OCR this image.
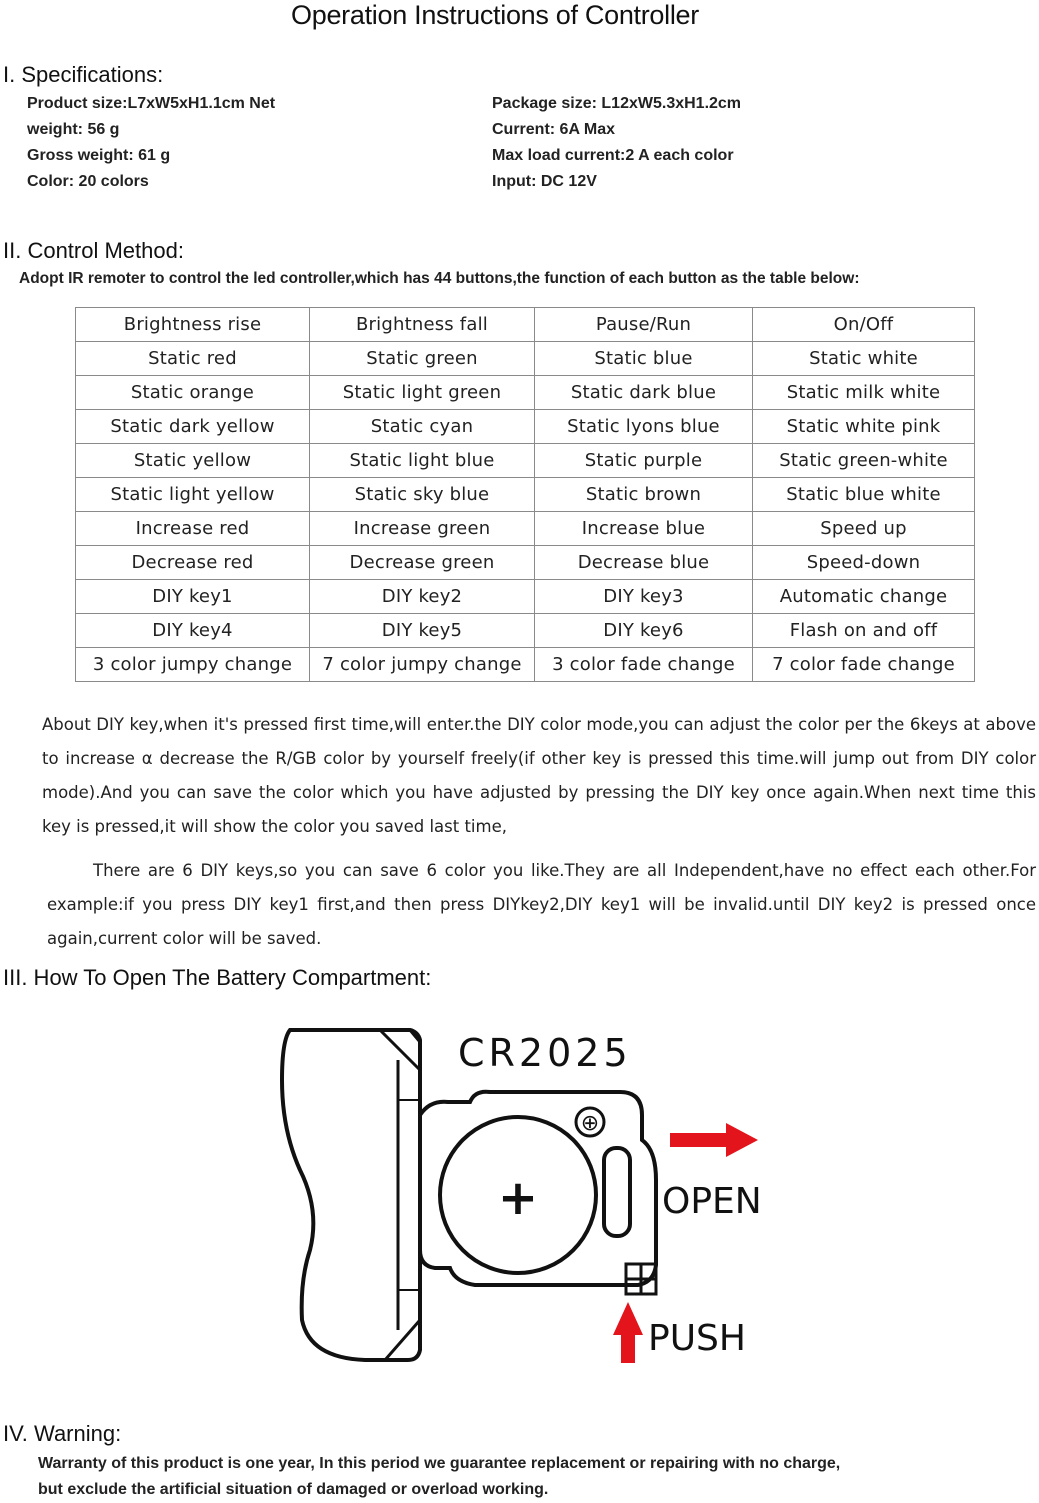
Operation Instructions of Controller
I. Specifications:
Product size:L7xW5xH1.1cm Net
weight: 56 g
Gross weight: 61 g
Color: 20 colors
Package size: L12xW5.3xH1.2cm
Current: 6A Max
Max load current:2 A each color
Input: DC 12V
II. Control Method:
Adopt IR remoter to control the led controller,which has 44 buttons,the function of each button as the table below:
Brightness rise	Brightness fall	Pause/Run	On/Off
Static red	Static green	Static blue	Static white
Static orange	Static light green	Static dark blue	Static milk white
Static dark yellow	Static cyan	Static lyons blue	Static white pink
Static yellow	Static light blue	Static purple	Static green-white
Static light yellow	Static sky blue	Static brown	Static blue white
Increase red	Increase green	Increase blue	Speed up
Decrease red	Decrease green	Decrease blue	Speed-down
DIY key1	DIY key2	DIY key3	Automatic change
DIY key4	DIY key5	DIY key6	Flash on and off
3 color jumpy change	7 color jumpy change	3 color fade change	7 color fade change
About DIY key,when it's pressed first time,will enter.the DIY color mode,you can adjust the color per the 6keys at above to increase α decrease the R/GB color by yourself freely(if other key is pressed this time.will jump out from DIY color mode).And you can save the color which you have adjusted by pressing the DIY key once again.When next time this key is pressed,it will show the color you saved last time,
There are 6 DIY keys,so you can save 6 color you like.They are all Independent,have no effect each other.For example:if you press DIY key1 first,and then press DIYkey2,DIY key1 will be invalid.until DIY key2 is pressed once again,current color will be saved.
III. How To Open The Battery Compartment:
⊕
+
CR2025
OPEN
PUSH
IV. Warning:
Warranty of this product is one year, In this period we guarantee replacement or repairing with no charge,
but exclude the artificial situation of damaged or overload working.
